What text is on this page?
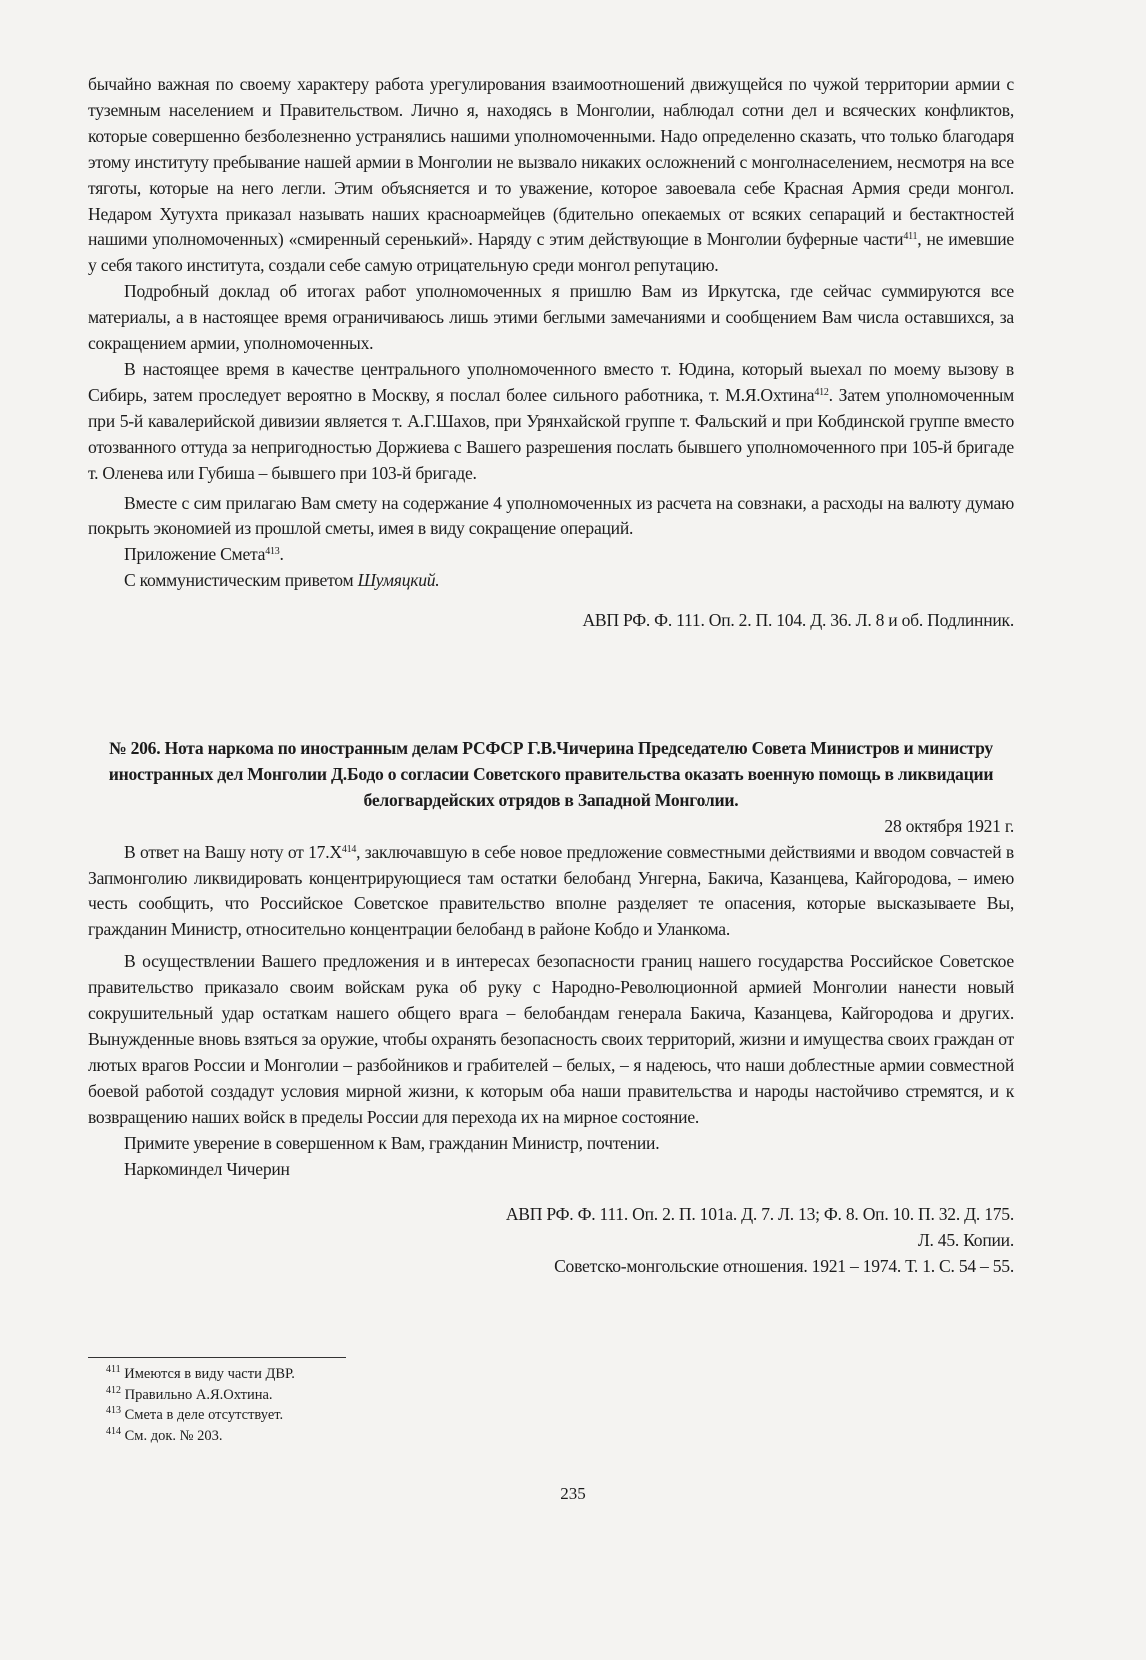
бычайно важная по своему характеру работа урегулирования взаимоотношений движущейся по чужой территории армии с туземным населением и Правительством. Лично я, находясь в Монголии, наблюдал сотни дел и всяческих конфликтов, которые совершенно безболезненно устранялись нашими уполномоченными. Надо определенно сказать, что только благодаря этому институту пребывание нашей армии в Монголии не вызвало никаких осложнений с монголнаселением, несмотря на все тяготы, которые на него легли. Этим объясняется и то уважение, которое завоевала себе Красная Армия среди монгол. Недаром Хутухта приказал называть наших красноармейцев (бдительно опекаемых от всяких сепараций и бестактностей нашими уполномоченных) «смиренный серенький». Наряду с этим действующие в Монголии буферные части$^{411}$, не имевшие у себя такого института, создали себе самую отрицательную среди монгол репутацию.

Подробный доклад об итогах работ уполномоченных я пришлю Вам из Иркутска, где сейчас суммируются все материалы, а в настоящее время ограничиваюсь лишь этими беглыми замечаниями и сообщением Вам числа оставшихся, за сокращением армии, уполномоченных.

В настоящее время в качестве центрального уполномоченного вместо т. Юдина, который выехал по моему вызову в Сибирь, затем проследует вероятно в Москву, я послал более сильного работника, т. М.Я.Охтина$^{412}$. Затем уполномоченным при 5-й кавалерийской дивизии является т. А.Г.Шахов, при Урянхайской группе т. Фальский и при Кобдинской группе вместо отозванного оттуда за непригодностью Доржиева с Вашего разрешения послать бывшего уполномоченного при 105-й бригаде т. Оленева или Губиша – бывшего при 103-й бригаде.

Вместе с сим прилагаю Вам смету на содержание 4 уполномоченных из расчета на совзнаки, а расходы на валюту думаю покрыть экономией из прошлой сметы, имея в виду сокращение операций.

Приложение Смета$^{413}$.

С коммунистическим приветом Шумяцкий.

АВП РФ. Ф. 111. Оп. 2. П. 104. Д. 36. Л. 8 и об. Подлинник.

№ 206. Нота наркома по иностранным делам РСФСР Г.В.Чичерина Председателю Совета Министров и министру иностранных дел Монголии Д.Бодо о согласии Советского правительства оказать военную помощь в ликвидации белогвардейских отрядов в Западной Монголии.

28 октября 1921 г.

В ответ на Вашу ноту от $17.X^{414}$, заключавшую в себе новое предложение совместными действиями и вводом совчастей в Запмонголию ликвидировать концентрирующиеся там остатки белобанд Унгерна, Бакича, Казанцева, Кайгородова, – имею честь сообщить, что Российское Советское правительство вполне разделяет те опасения, которые высказываете Вы, гражданин Министр, относительно концентрации белобанд в районе Кобдо и Уланкома.

В осуществлении Вашего предложения и в интересах безопасности границ нашего государства Российское Советское правительство приказало своим войскам рука об руку с Народно-Революционной армией Монголии нанести новый сокрушительный удар остаткам нашего общего врага – белобандам генерала Бакича, Казанцева, Кайгородова и других. Вынужденные вновь взяться за оружие, чтобы охранять безопасность своих территорий, жизни и имущества своих граждан от лютых врагов России и Монголии – разбойников и грабителей – белых, – я надеюсь, что наши доблестные армии совместной боевой работой создадут условия мирной жизни, к которым оба наши правительства и народы настойчиво стремятся, и к возвращению наших войск в пределы России для перехода их на мирное состояние.

Примите уверение в совершенном к Вам, гражданин Министр, почтении.

Наркоминдел Чичерин

АВП РФ. Ф. 111. Оп. 2. П. 101а. Д. 7. Л. 13; Ф. 8. Оп. 10. П. 32. Д. 175.

Л. 45. Копии.

Советско-монгольские отношения. 1921 – 1974. Т. 1. С. 54 – 55.

$^{411}$ Имеются в виду части ДВР.
$^{412}$ Правильно А.Я.Охтина.
$^{413}$ Смета в деле отсутствует.
$^{414}$ См. док. № 203.
235
